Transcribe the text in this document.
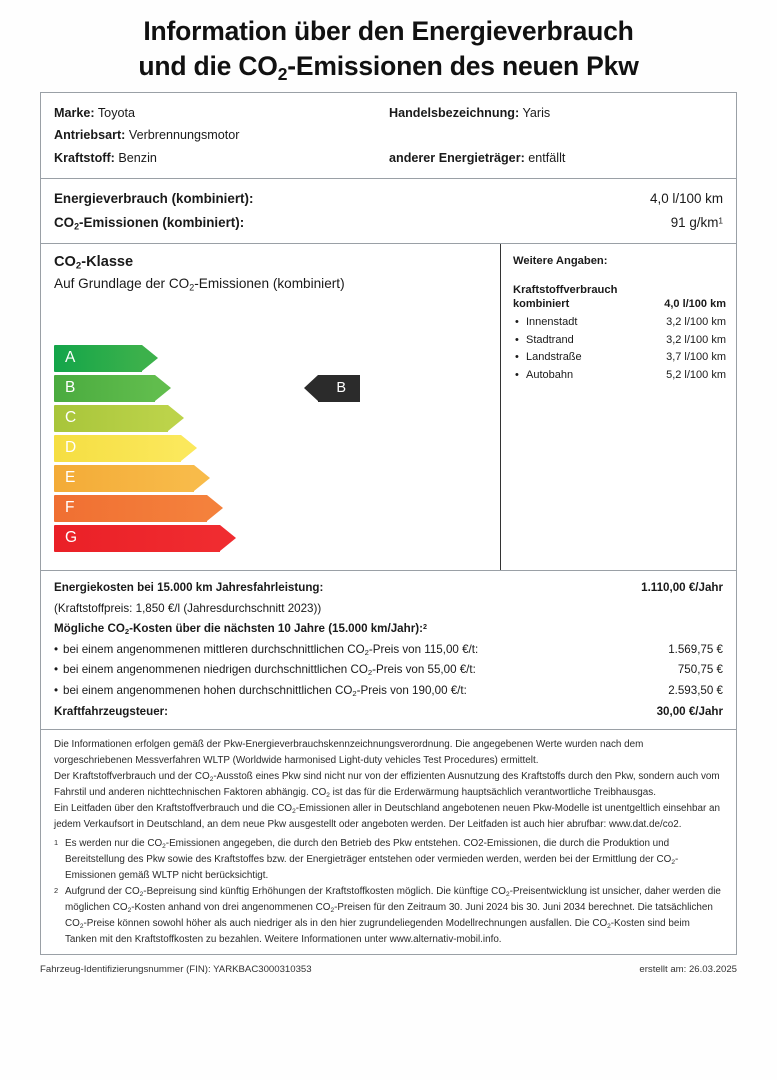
Information über den Energieverbrauch
und die $CO_2$-Emissionen des neuen Pkw
Marke: Toyota	Handelsbezeichnung: Yaris
Antriebsart: Verbrennungsmotor
Kraftstoff: Benzin	anderer Energieträger: entfällt
Energieverbrauch (kombiniert):	4,0 l/100 km
$CO_2$-Emissionen (kombiniert):	91 $g/km^1$
$CO_2$-Klasse
Auf Grundlage der $CO_2$-Emissionen (kombiniert)
A
B
C
D
E
F
G
B
Weitere Angaben:
Kraftstoffverbrauch
kombiniert	4,0 l/100 km
• Innenstadt	3,2 l/100 km
• Stadtrand	3,2 l/100 km
• Landstraße	3,7 l/100 km
• Autobahn	5,2 l/100 km
Energiekosten bei 15.000 km Jahresfahrleistung:	1.110,00 €/Jahr
(Kraftstoffpreis: 1,850 €/l (Jahresdurchschnitt 2023))
Mögliche $CO_2$-Kosten über die nächsten 10 Jahre (15.000 km/Jahr):$^2$
• bei einem angenommenen mittleren durchschnittlichen $CO_2$-Preis von 115,00 €/t:	1.569,75 €
• bei einem angenommenen niedrigen durchschnittlichen $CO_2$-Preis von 55,00 €/t:	750,75 €
• bei einem angenommenen hohen durchschnittlichen $CO_2$-Preis von 190,00 €/t:	2.593,50 €
Kraftfahrzeugsteuer:	30,00 €/Jahr

Die Informationen erfolgen gemäß der Pkw-Energieverbrauchskennzeichnungsverordnung. Die angegebenen Werte wurden nach dem vorgeschriebenen Messverfahren WLTP (Worldwide harmonised Light-duty vehicles Test Procedures) ermittelt.

Der Kraftstoffverbrauch und der $CO_2$-Ausstoß eines Pkw sind nicht nur von der effizienten Ausnutzung des Kraftstoffs durch den Pkw, sondern auch vom Fahrstil und anderen nichttechnischen Faktoren abhängig. $CO_2$ ist das für die Erderwärmung hauptsächlich verantwortliche Treibhausgas.

Ein Leitfaden über den Kraftstoffverbrauch und die $CO_2$-Emissionen aller in Deutschland angebotenen neuen Pkw-Modelle ist unentgeltlich einsehbar an jedem Verkaufsort in Deutschland, an dem neue Pkw ausgestellt oder angeboten werden. Der Leitfaden ist auch hier abrufbar: www.dat.de/co2.

1 Es werden nur die $CO_2$-Emissionen angegeben, die durch den Betrieb des Pkw entstehen. CO2-Emissionen, die durch die Produktion und Bereitstellung des Pkw sowie des Kraftstoffes bzw. der Energieträger entstehen oder vermieden werden, werden bei der Ermittlung der $CO_2$-Emissionen gemäß WLTP nicht berücksichtigt.
2 Aufgrund der $CO_2$-Bepreisung sind künftig Erhöhungen der Kraftstoffkosten möglich. Die künftige $CO_2$-Preisentwicklung ist unsicher, daher werden die möglichen $CO_2$-Kosten anhand von drei angenommenen $CO_2$-Preisen für den Zeitraum 30. Juni 2024 bis 30. Juni 2034 berechnet. Die tatsächlichen $CO_2$-Preise können sowohl höher als auch niedriger als in den hier zugrundeliegenden Modellrechnungen ausfallen. Die $CO_2$-Kosten sind beim Tanken mit den Kraftstoffkosten zu bezahlen. Weitere Informationen unter www.alternativ-mobil.info.
Fahrzeug-Identifizierungsnummer (FIN): YARKBAC3000310353	erstellt am: 26.03.2025
